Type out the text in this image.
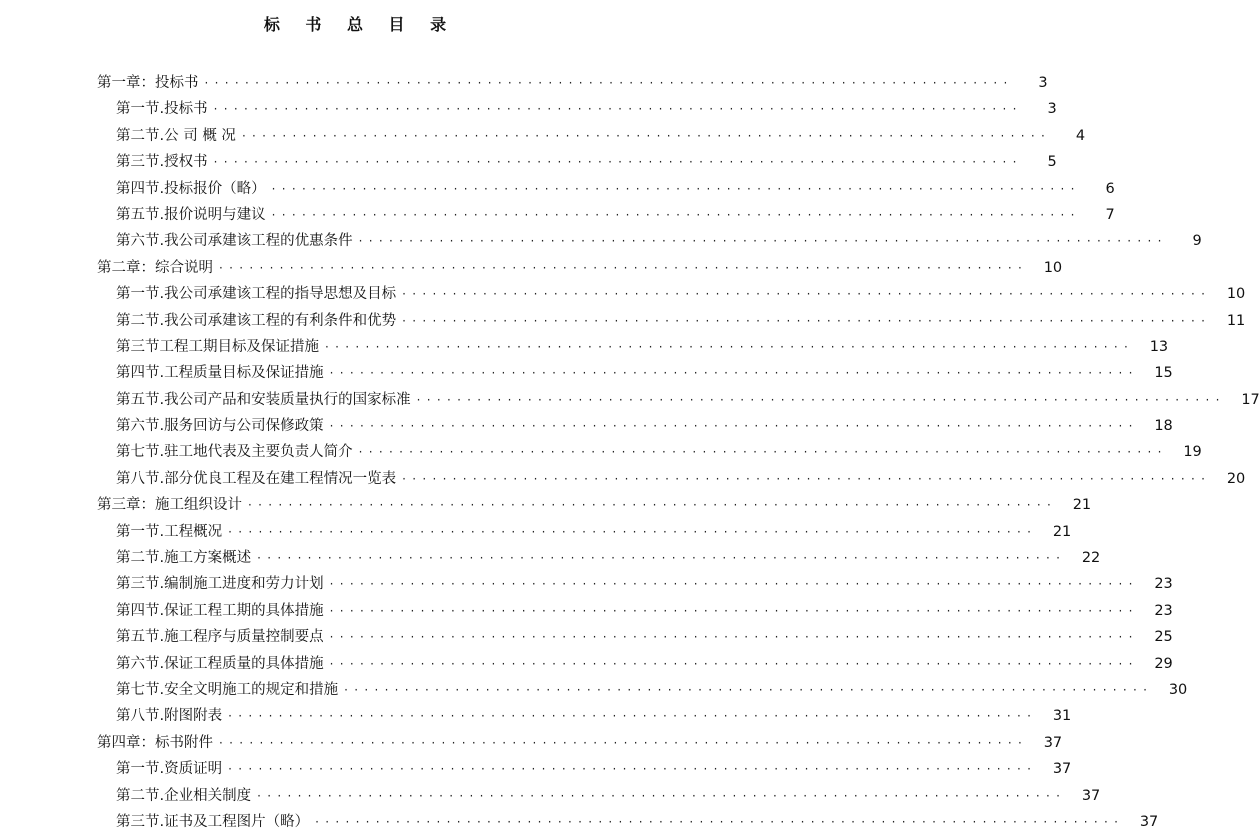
标 书 总 目 录
第一章：投标书 ················································································	3
第一节.投标书 ················································································	3
第二节.公 司 概 况 ················································································	4
第三节.授权书 ················································································	5
第四节.投标报价（略） ················································································	6
第五节.报价说明与建议 ················································································	7
第六节.我公司承建该工程的优惠条件 ················································································	9
第二章：综合说明 ················································································	10
第一节.我公司承建该工程的指导思想及目标 ················································································	10
第二节.我公司承建该工程的有利条件和优势 ················································································	11
第三节工程工期目标及保证措施 ················································································	13
第四节.工程质量目标及保证措施 ················································································	15
第五节.我公司产品和安装质量执行的国家标准 ················································································	17
第六节.服务回访与公司保修政策 ················································································	18
第七节.驻工地代表及主要负责人简介 ················································································	19
第八节.部分优良工程及在建工程情况一览表 ················································································	20
第三章：施工组织设计 ················································································	21
第一节.工程概况 ················································································	21
第二节.施工方案概述 ················································································	22
第三节.编制施工进度和劳力计划 ················································································	23
第四节.保证工程工期的具体措施 ················································································	23
第五节.施工程序与质量控制要点 ················································································	25
第六节.保证工程质量的具体措施 ················································································	29
第七节.安全文明施工的规定和措施 ················································································	30
第八节.附图附表 ················································································	31
第四章：标书附件 ················································································	37
第一节.资质证明 ················································································	37
第二节.企业相关制度 ················································································	37
第三节.证书及工程图片（略） ················································································	37
